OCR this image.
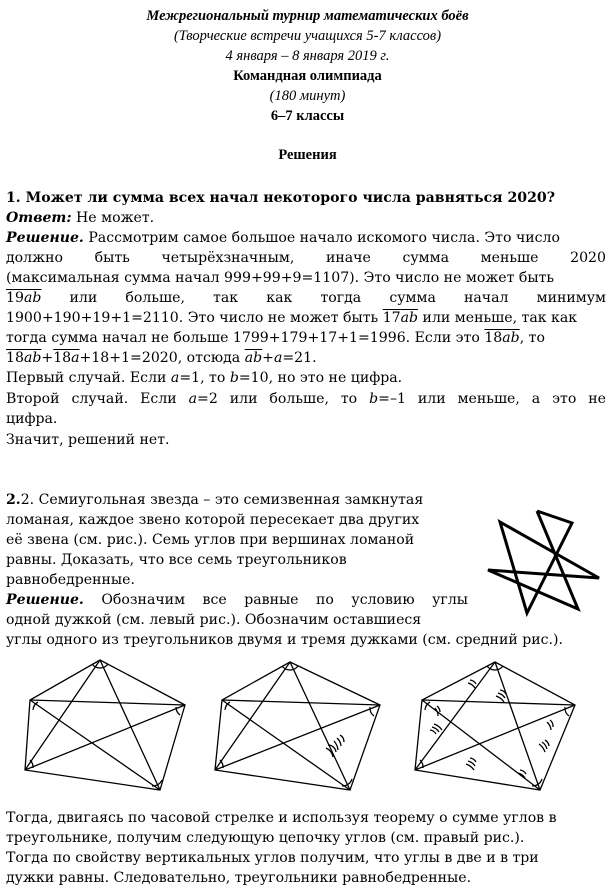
Межрегиональный турнир математических боёв
(Творческие встречи учащихся 5-7 классов)
4 января – 8 января 2019 г.
Командная олимпиада
(180 минут)
6–7 классы
Решения
1. Может ли сумма всех начал некоторого числа равняться 2020?
Ответ: Не может.
Решение. Рассмотрим самое большое начало искомого числа. Это число
должно быть четырёхзначным, иначе сумма меньше 2020
(максимальная сумма начал 999+99+9=1107). Это число не может быть
19ab или больше, так как тогда сумма начал минимум
1900+190+19+1=2110. Это число не может быть 17ab или меньше, так как
тогда сумма начал не больше 1799+179+17+1=1996. Если это 18ab, то
18ab+18a+18+1=2020, отсюда $\overline{ab}+a=21$.
Первый случай. Если a=1, то b=10, но это не цифра.
Второй случай. Если a=2 или больше, то b=–1 или меньше, а это не
цифра.
Значит, решений нет.
2.2. Семиугольная звезда – это семизвенная замкнутая
ломаная, каждое звено которой пересекает два других
её звена (см. рис.). Семь углов при вершинах ломаной
равны. Доказать, что все семь треугольников
равнобедренные.
Решение. Обозначим все равные по условию углы
одной дужкой (см. левый рис.). Обозначим оставшиеся
углы одного из треугольников двумя и тремя дужками (см. средний рис.).
Тогда, двигаясь по часовой стрелке и используя теорему о сумме углов в
треугольнике, получим следующую цепочку углов (см. правый рис.).
Тогда по свойству вертикальных углов получим, что углы в две и в три
дужки равны. Следовательно, треугольники равнобедренные.
